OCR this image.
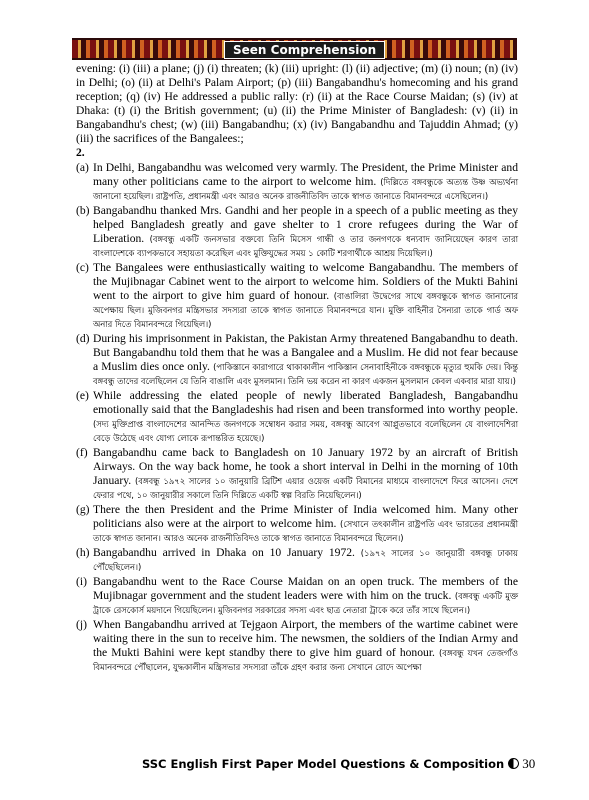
Seen Comprehension

evening: (i) (iii) a plane; (j) (i) threaten; (k) (iii) upright: (l) (ii) adjective; (m) (i) noun; (n) (iv) in Delhi; (o) (ii) at Delhi's Palam Airport; (p) (iii) Bangabandhu's homecoming and his grand reception; (q) (iv) He addressed a public rally: (r) (ii) at the Race Course Maidan; (s) (iv) at Dhaka: (t) (i) the British government; (u) (ii) the Prime Minister of Bangladesh: (v) (ii) in Bangabandhu's chest; (w) (iii) Bangabandhu; (x) (iv) Bangabandhu and Tajuddin Ahmad; (y) (iii) the sacrifices of the Bangalees:;

2.

(a) In Delhi, Bangabandhu was welcomed very warmly. The President, the Prime Minister and many other politicians came to the airport to welcome him. (দিল্লিতে বঙ্গবন্ধুকে অত্যন্ত উষ্ণ অভ্যর্থনা জানানো হয়েছিল। রাষ্ট্রপতি, প্রধানমন্ত্রী এবং আরও অনেক রাজনীতিবিদ তাকে স্বাগত জানাতে বিমানবন্দরে এসেছিলেন।)
(b) Bangabandhu thanked Mrs. Gandhi and her people in a speech of a public meeting as they helped Bangladesh greatly and gave shelter to 1 crore refugees during the War of Liberation. (বঙ্গবন্ধু একটি জনসভার বক্তব্যে তিনি মিসেস গান্ধী ও তার জনগণকে ধন্যবাদ জানিয়েছেন কারণ তারা বাংলাদেশকে ব্যাপকভাবে সহায়তা করেছিল এবং মুক্তিযুদ্ধের সময় ১ কোটি শরণার্থীকে আশ্রয় দিয়েছিল।)
(c) The Bangalees were enthusiastically waiting to welcome Bangabandhu. The members of the Mujibnagar Cabinet went to the airport to welcome him. Soldiers of the Mukti Bahini went to the airport to give him guard of honour. (বাঙালিরা উদ্বেগের সাথে বঙ্গবন্ধুকে স্বাগত জানানোর অপেক্ষায় ছিল। মুজিবনগর মন্ত্রিসভার সদস্যরা তাকে স্বাগত জানাতে বিমানবন্দরে যান। মুক্তি বাহিনীর সৈন্যরা তাকে গার্ড অফ অনার দিতে বিমানবন্দরে গিয়েছিল।)
(d) During his imprisonment in Pakistan, the Pakistan Army threatened Bangabandhu to death. But Bangabandhu told them that he was a Bangalee and a Muslim. He did not fear because a Muslim dies once only. (পাকিস্তানে কারাগারে থাকাকালীন পাকিস্তান সেনাবাহিনীকে বঙ্গবন্ধুকে মৃত্যুর হুমকি দেয়। কিন্তু বঙ্গবন্ধু তাদের বলেছিলেন যে তিনি বাঙালি এবং মুসলমান। তিনি ভয় করেন না কারণ একজন মুসলমান কেবল একবার মারা যায়।)
(e) While addressing the elated people of newly liberated Bangladesh, Bangabandhu emotionally said that the Bangladeshis had risen and been transformed into worthy people. (সদ্য মুক্তিপ্রাপ্ত বাংলাদেশের আনন্দিত জনগণকে সম্বোধন করার সময়, বঙ্গবন্ধু আবেগ আপ্লুতভাবে বলেছিলেন যে বাংলাদেশিরা বেড়ে উঠেছে এবং যোগ্য লোকে রূপান্তরিত হয়েছে।)
(f) Bangabandhu came back to Bangladesh on 10 January 1972 by an aircraft of British Airways. On the way back home, he took a short interval in Delhi in the morning of 10th January. (বঙ্গবন্ধু ১৯৭২ সালের ১০ জানুয়ারি ব্রিটিশ এয়ার ওয়েজ একটি বিমানের মাধ্যমে বাংলাদেশে ফিরে আসেন। দেশে ফেরার পথে, ১০ জানুয়ারীর সকালে তিনি দিল্লিতে একটি স্বল্প বিরতি নিয়েছিলেন।)
(g) There the then President and the Prime Minister of India welcomed him. Many other politicians also were at the airport to welcome him. (সেখানে তৎকালীন রাষ্ট্রপতি এবং ভারতের প্রধানমন্ত্রী তাকে স্বাগত জানান। আরও অনেক রাজনীতিবিদও তাকে স্বাগত জানাতে বিমানবন্দরে ছিলেন।)
(h) Bangabandhu arrived in Dhaka on 10 January 1972. (১৯৭২ সালের ১০ জানুয়ারী বঙ্গবন্ধু ঢাকায় পৌঁছেছিলেন।)
(i) Bangabandhu went to the Race Course Maidan on an open truck. The members of the Mujibnagar government and the student leaders were with him on the truck. (বঙ্গবন্ধু একটি মুক্ত ট্রাকে রেসকোর্স ময়দানে গিয়েছিলেন। মুজিবনগর সরকারের সদস্য এবং ছাত্র নেতারা ট্রাকে করে তাঁর সাথে ছিলেন।)
(j) When Bangabandhu arrived at Tejgaon Airport, the members of the wartime cabinet were waiting there in the sun to receive him. The newsmen, the soldiers of the Indian Army and the Mukti Bahini were kept standby there to give him guard of honour. (বঙ্গবন্ধু যখন তেজগাঁও বিমানবন্দরে পৌঁছালেন, যুদ্ধকালীন মন্ত্রিসভার সদস্যরা তাঁকে গ্রহণ করার জন্য সেখানে রোদে অপেক্ষা
SSC English First Paper Model Questions & Composition 30
